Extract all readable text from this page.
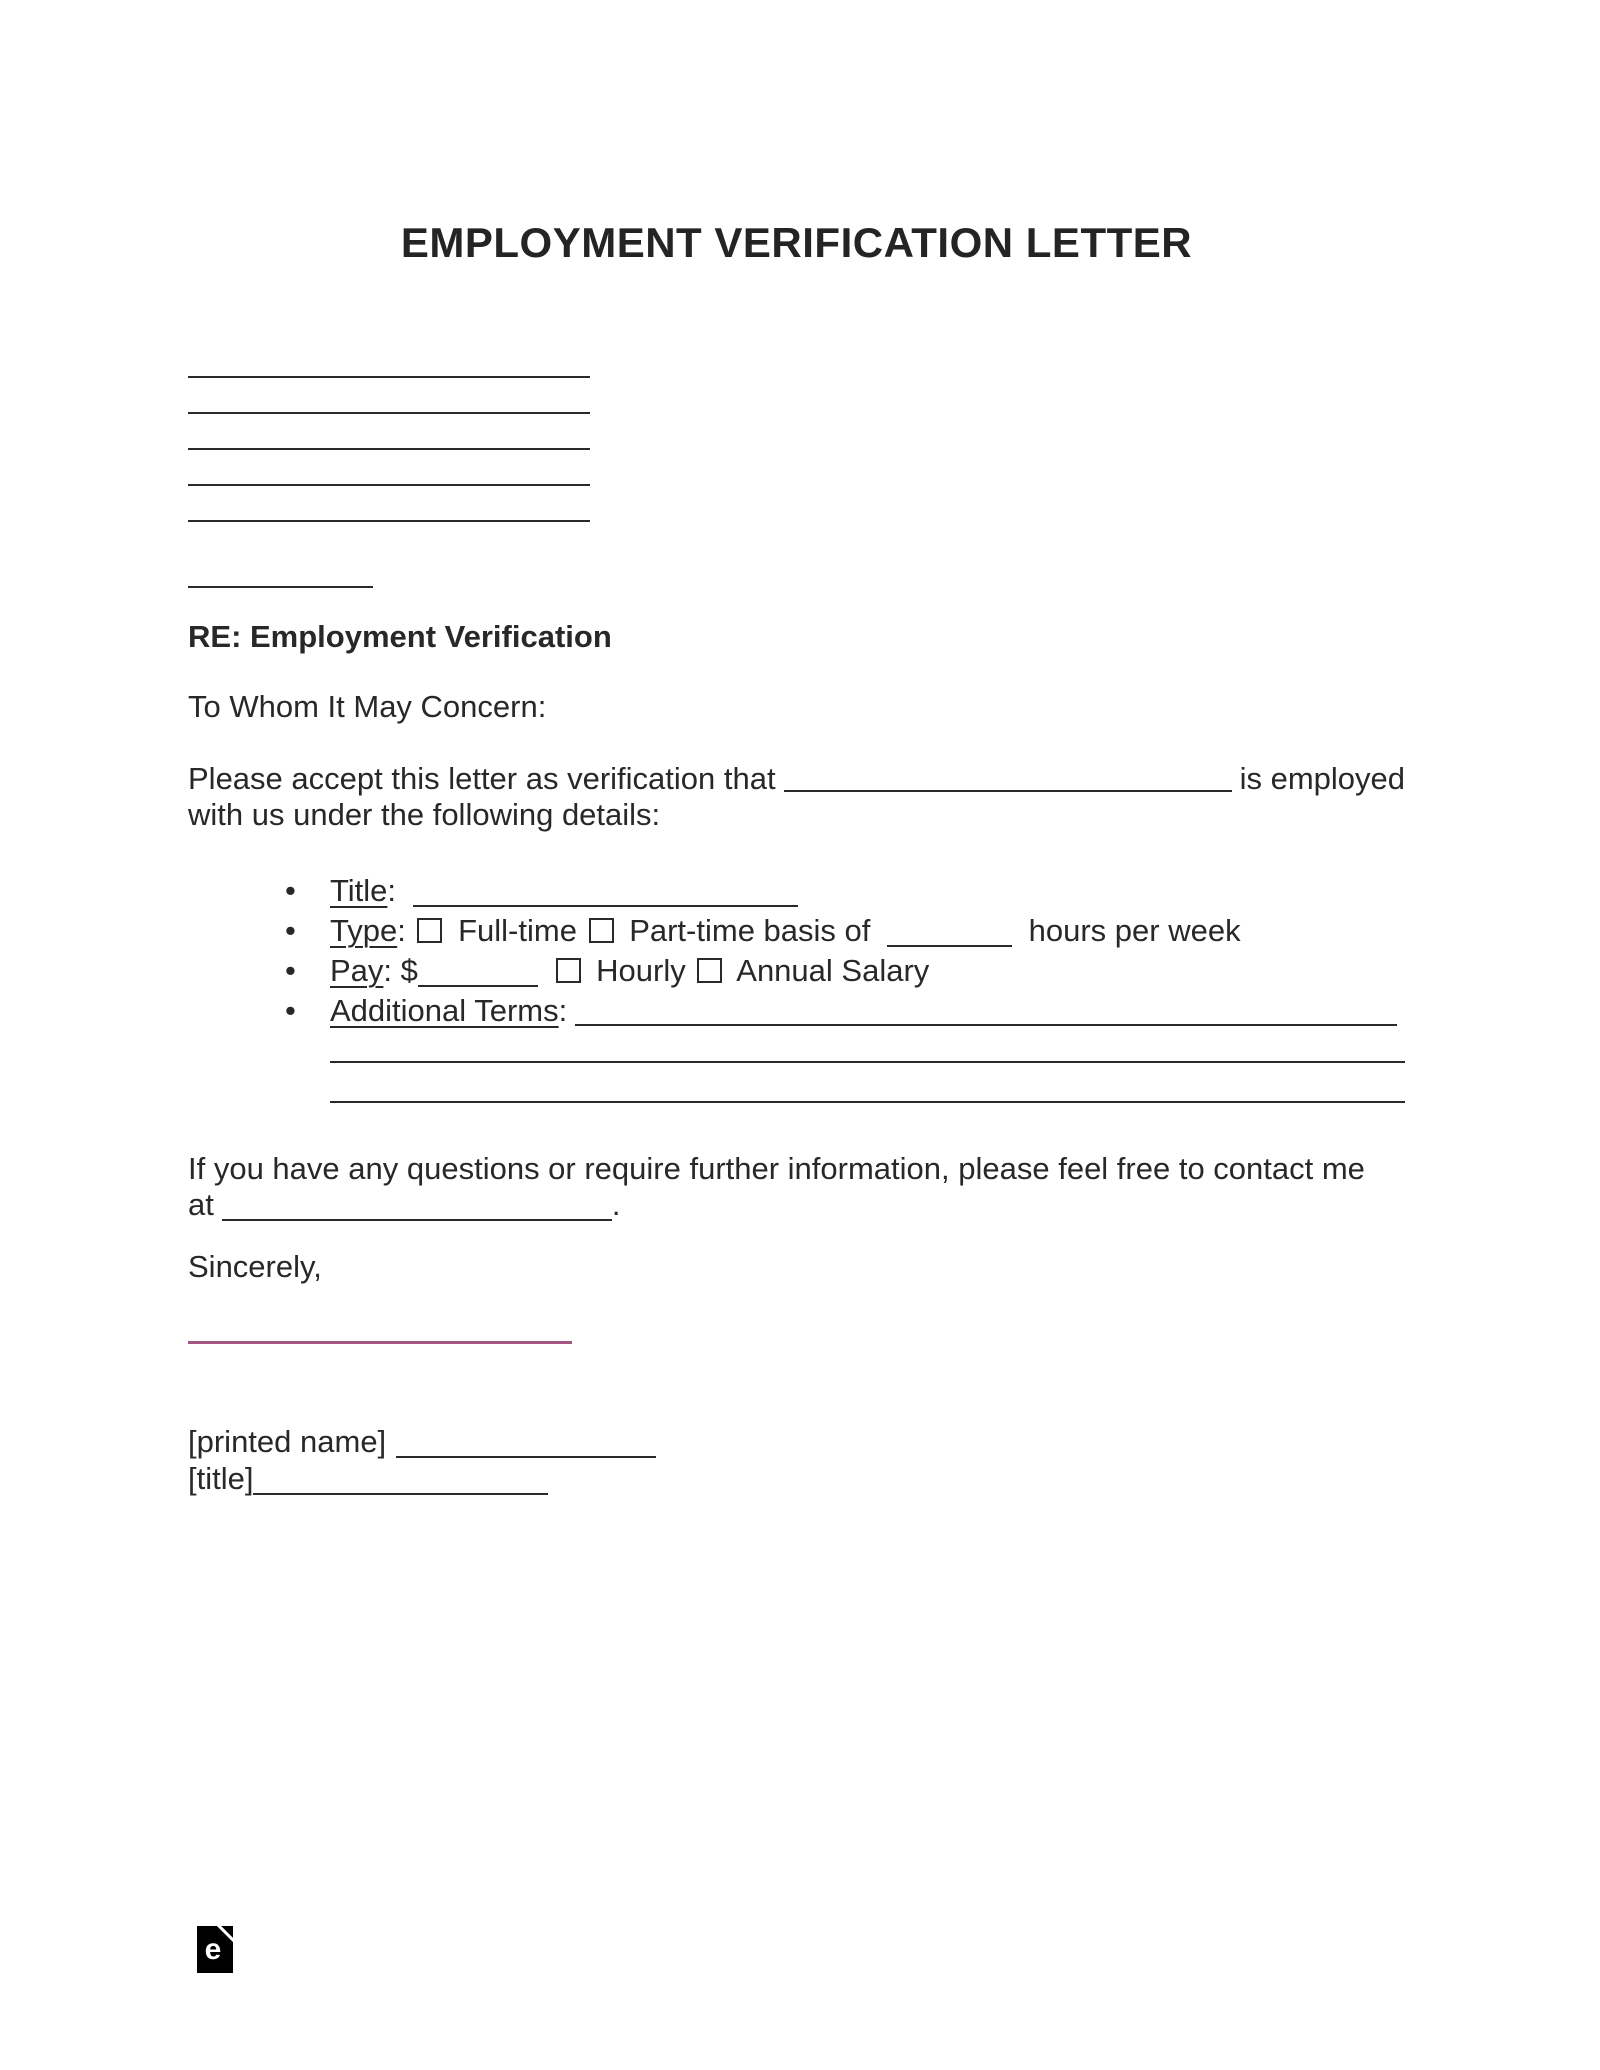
EMPLOYMENT VERIFICATION LETTER
RE: Employment Verification
To Whom It May Concern:
Please accept this letter as verification that	is employed
with us under the following details:
• Title:
• Type: Full-time Part-time basis of	hours per week
• Pay: $	Hourly Annual Salary
• Additional Terms:
If you have any questions or require further information, please feel free to contact me
at	.
Sincerely,
[printed name]
[title]
e
